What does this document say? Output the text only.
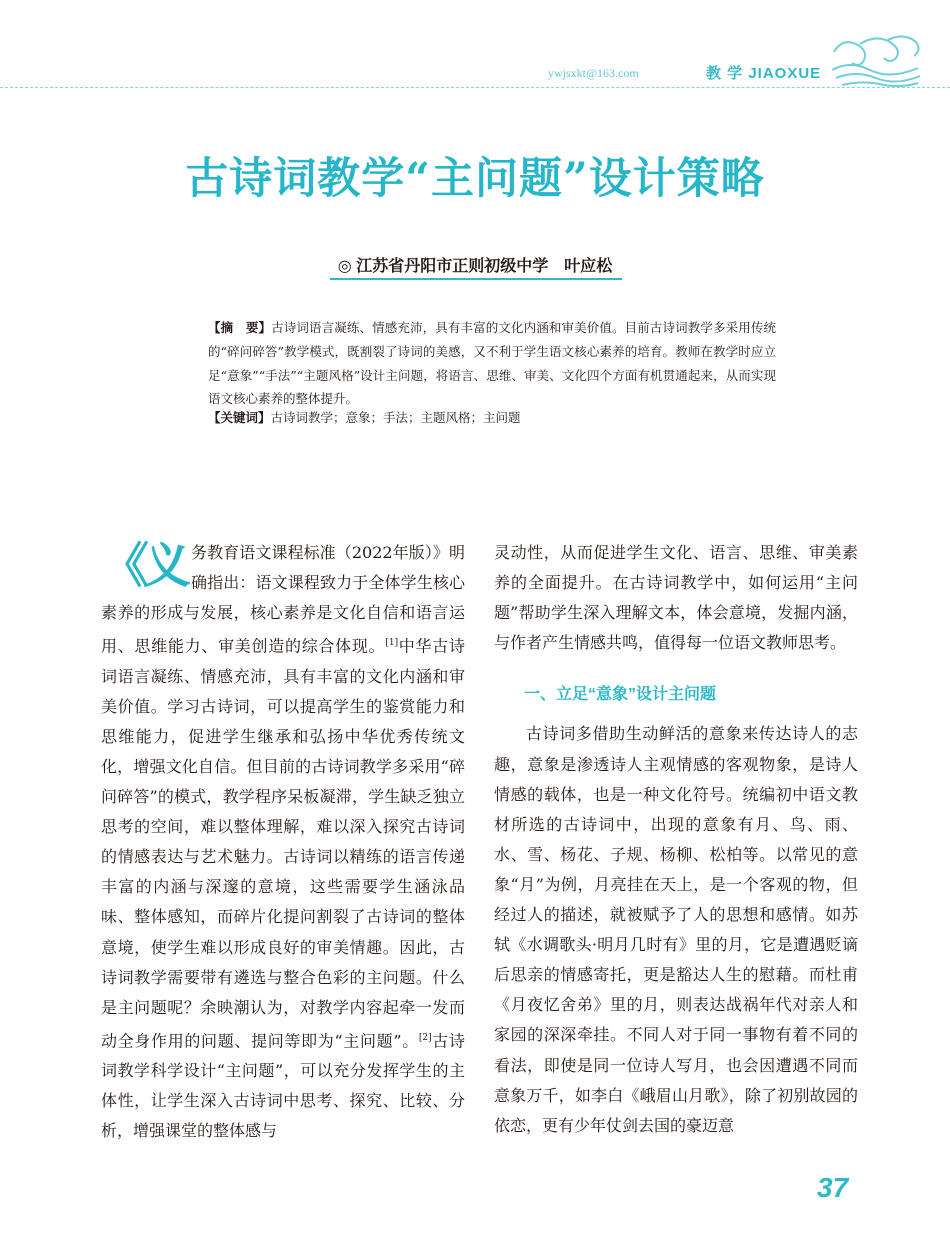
ywjsxkt@163.com	教 学 JIAOXUE
古诗词教学“主问题”设计策略
◎ 江苏省丹阳市正则初级中学　叶应松
【摘　要】古诗词语言凝练、情感充沛，具有丰富的文化内涵和审美价值。目前古诗词教学多采用传统的“碎问碎答”教学模式，既割裂了诗词的美感，又不利于学生语文核心素养的培育。教师在教学时应立足“意象”“手法”“主题风格”设计主问题，将语言、思维、审美、文化四个方面有机贯通起来，从而实现语文核心素养的整体提升。
【关键词】古诗词教学；意象；手法；主题风格；主问题

《义务教育语文课程标准（2022年版）》明确指出：语文课程致力于全体学生核心素养的形成与发展，核心素养是文化自信和语言运用、思维能力、审美创造的综合体现。[1]中华古诗词语言凝练、情感充沛，具有丰富的文化内涵和审美价值。学习古诗词，可以提高学生的鉴赏能力和思维能力，促进学生继承和弘扬中华优秀传统文化，增强文化自信。但目前的古诗词教学多采用“碎问碎答”的模式，教学程序呆板凝滞，学生缺乏独立思考的空间，难以整体理解，难以深入探究古诗词的情感表达与艺术魅力。古诗词以精练的语言传递丰富的内涵与深邃的意境，这些需要学生涵泳品味、整体感知，而碎片化提问割裂了古诗词的整体意境，使学生难以形成良好的审美情趣。因此，古诗词教学需要带有遴选与整合色彩的主问题。什么是主问题呢？余映潮认为，对教学内容起牵一发而动全身作用的问题、提问等即为“主问题”。[2]古诗词教学科学设计“主问题”，可以充分发挥学生的主体性，让学生深入古诗词中思考、探究、比较、分析，增强课堂的整体感与

灵动性，从而促进学生文化、语言、思维、审美素养的全面提升。在古诗词教学中，如何运用“主问题”帮助学生深入理解文本，体会意境，发掘内涵，与作者产生情感共鸣，值得每一位语文教师思考。

一、立足“意象”设计主问题

古诗词多借助生动鲜活的意象来传达诗人的志趣，意象是渗透诗人主观情感的客观物象，是诗人情感的载体，也是一种文化符号。统编初中语文教材所选的古诗词中，出现的意象有月、鸟、雨、水、雪、杨花、子规、杨柳、松柏等。以常见的意象“月”为例，月亮挂在天上，是一个客观的物，但经过人的描述，就被赋予了人的思想和感情。如苏轼《水调歌头·明月几时有》里的月，它是遭遇贬谪后思亲的情感寄托，更是豁达人生的慰藉。而杜甫《月夜忆舍弟》里的月，则表达战祸年代对亲人和家园的深深牵挂。不同人对于同一事物有着不同的看法，即使是同一位诗人写月，也会因遭遇不同而意象万千，如李白《峨眉山月歌》，除了初别故园的依恋，更有少年仗剑去国的豪迈意

37
